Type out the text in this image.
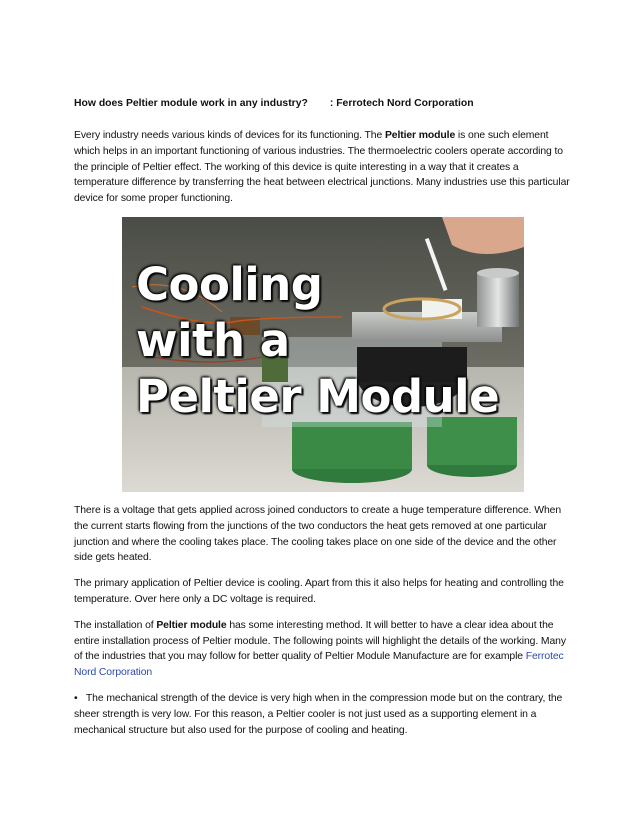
How does Peltier module work in any industry? : Ferrotech Nord Corporation

Every industry needs various kinds of devices for its functioning. The Peltier module is one such element which helps in an important functioning of various industries. The thermoelectric coolers operate according to the principle of Peltier effect. The working of this device is quite interesting in a way that it creates a temperature difference by transferring the heat between electrical junctions. Many industries use this particular device for some proper functioning.

Cooling
with a
Peltier Module

There is a voltage that gets applied across joined conductors to create a huge temperature difference. When the current starts flowing from the junctions of the two conductors the heat gets removed at one particular junction and where the cooling takes place. The cooling takes place on one side of the device and the other side gets heated.

The primary application of Peltier device is cooling. Apart from this it also helps for heating and controlling the temperature. Over here only a DC voltage is required.

The installation of Peltier module has some interesting method. It will better to have a clear idea about the entire installation process of Peltier module. The following points will highlight the details of the working. Many of the industries that you may follow for better quality of Peltier Module Manufacture are for example Ferrotec Nord Corporation

• The mechanical strength of the device is very high when in the compression mode but on the contrary, the sheer strength is very low. For this reason, a Peltier cooler is not just used as a supporting element in a mechanical structure but also used for the purpose of cooling and heating.
